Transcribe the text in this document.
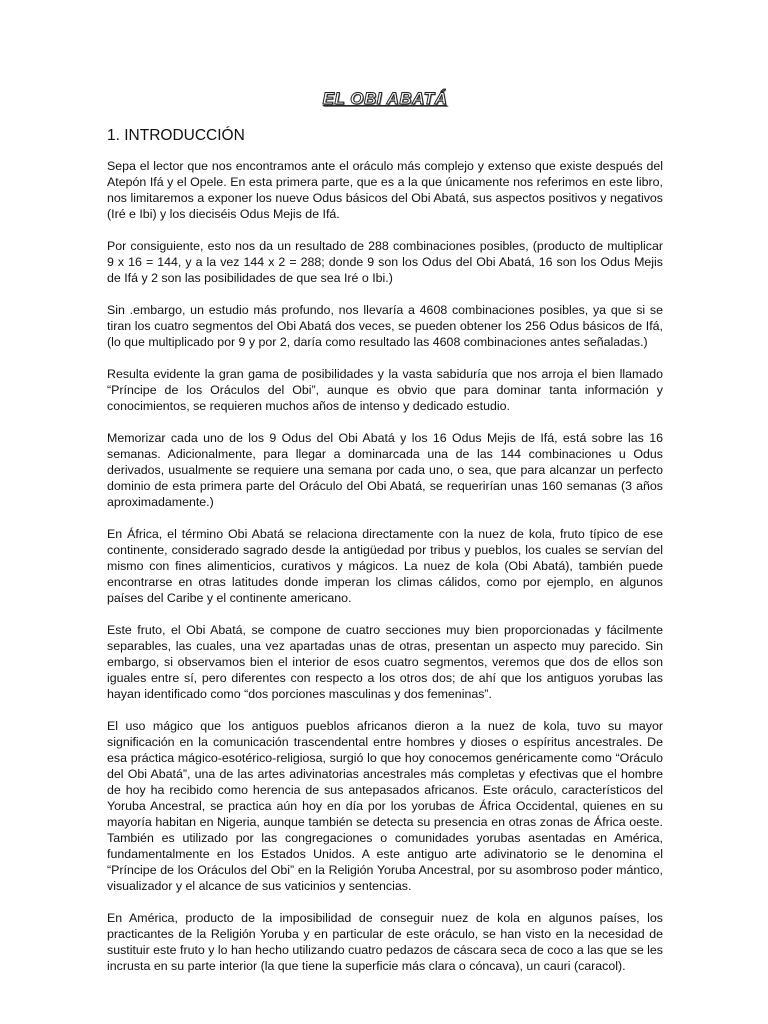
EL OBI ABATÁ
1. INTRODUCCIÓN

Sepa el lector que nos encontramos ante el oráculo más complejo y extenso que existe después del Atepón Ifá y el Opele. En esta primera parte, que es a la que únicamente nos referimos en este libro, nos limitaremos a exponer los nueve Odus básicos del Obi Abatá, sus aspectos positivos y negativos (Iré e Ibi) y los dieciséis Odus Mejis de Ifá.

Por consiguiente, esto nos da un resultado de 288 combinaciones posibles, (producto de multiplicar 9 x 16 = 144, y a la vez 144 x 2 = 288; donde 9 son los Odus del Obi Abatá, 16 son los Odus Mejis de Ifá y 2 son las posibilidades de que sea Iré o Ibi.)

Sin .embargo, un estudio más profundo, nos llevaría a 4608 combinaciones posibles, ya que si se tiran los cuatro segmentos del Obi Abatá dos veces, se pueden obtener los 256 Odus básicos de Ifá, (lo que multiplicado por 9 y por 2, daría como resultado las 4608 combinaciones antes señaladas.)

Resulta evidente la gran gama de posibilidades y la vasta sabiduría que nos arroja el bien llamado “Príncipe de los Oráculos del Obi”, aunque es obvio que para dominar tanta información y conocimientos, se requieren muchos años de intenso y dedicado estudio.

Memorizar cada uno de los 9 Odus del Obi Abatá y los 16 Odus Mejis de Ifá, está sobre las 16 semanas. Adicionalmente, para llegar a dominarcada una de las 144 combinaciones u Odus derivados, usualmente se requiere una semana por cada uno, o sea, que para alcanzar un perfecto dominio de esta primera parte del Oráculo del Obi Abatá, se requerirían unas 160 semanas (3 años aproximadamente.)

En África, el término Obi Abatá se relaciona directamente con la nuez de kola, fruto típico de ese continente, considerado sagrado desde la antigüedad por tribus y pueblos, los cuales se servían del mismo con fines alimenticios, curativos y mágicos. La nuez de kola (Obi Abatá), también puede encontrarse en otras latitudes donde imperan los climas cálidos, como por ejemplo, en algunos países del Caribe y el continente americano.

Este fruto, el Obi Abatá, se compone de cuatro secciones muy bien proporcionadas y fácilmente separables, las cuales, una vez apartadas unas de otras, presentan un aspecto muy parecido. Sin embargo, si observamos bien el interior de esos cuatro segmentos, veremos que dos de ellos son iguales entre sí, pero diferentes con respecto a los otros dos; de ahí que los antiguos yorubas las hayan identificado como “dos porciones masculinas y dos femeninas”.

El uso mágico que los antiguos pueblos africanos dieron a la nuez de kola, tuvo su mayor significación en la comunicación trascendental entre hombres y dioses o espíritus ancestrales. De esa práctica mágico-esotérico-religiosa, surgió lo que hoy conocemos genéricamente como “Oráculo del Obi Abatá”, una de las artes adivinatorias ancestrales más completas y efectivas que el hombre de hoy ha recibido como herencia de sus antepasados africanos. Este oráculo, característicos del Yoruba Ancestral, se practica aún hoy en día por los yorubas de África Occidental, quienes en su mayoría habitan en Nigeria, aunque también se detecta su presencia en otras zonas de África oeste. También es utilizado por las congregaciones o comunidades yorubas asentadas en América, fundamentalmente en los Estados Unidos. A este antiguo arte adivinatorio se le denomina el “Príncipe de los Oráculos del Obi” en la Religión Yoruba Ancestral, por su asombroso poder mántico, visualizador y el alcance de sus vaticinios y sentencias.

En América, producto de la imposibilidad de conseguir nuez de kola en algunos países, los practicantes de la Religión Yoruba y en particular de este oráculo, se han visto en la necesidad de sustituir este fruto y lo han hecho utilizando cuatro pedazos de cáscara seca de coco a las que se les incrusta en su parte interior (la que tiene la superficie más clara o cóncava), un cauri (caracol).
